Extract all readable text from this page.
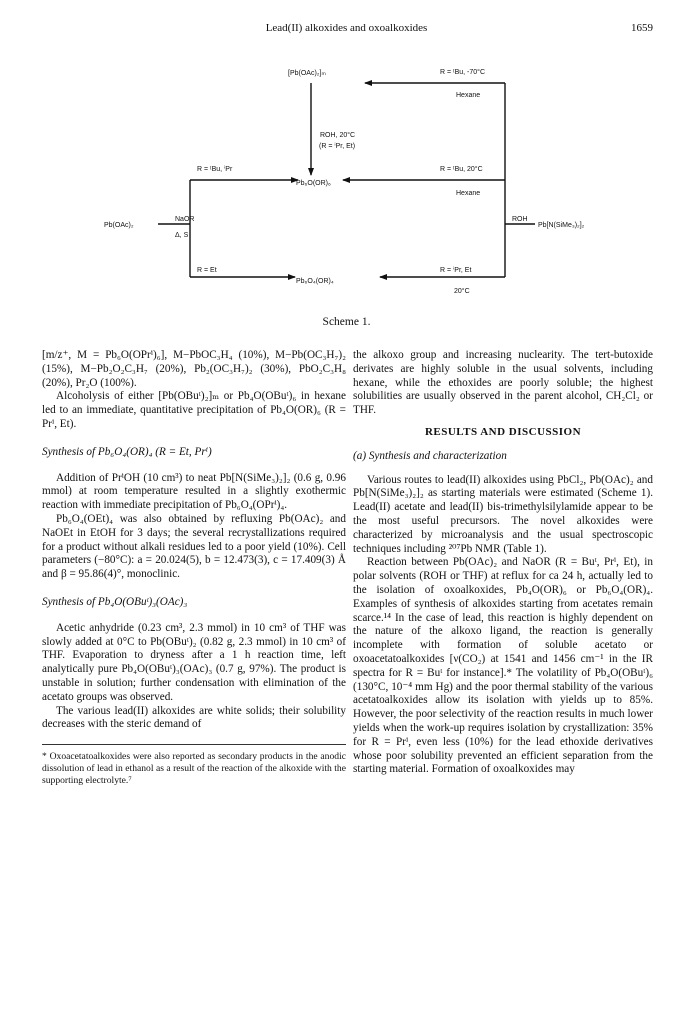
Lead(II) alkoxides and oxoalkoxides	1659
[Pb(OAc)₂]ₘ	R = ᵗBu, -70°C
Hexane
ROH, 20°C
(R = ⁱPr, Et)
R = ᵗBu, ⁱPr	R = ᵗBu, 20°C
Pb₆O(OR)₆
Hexane
NaOR
Pb(OAc)₂
Δ, S
ROH
Pb[N(SiMe₃)₂]₂
R = Et	R = ⁱPr, Et
Pb₆O₄(OR)₄
20°C
Scheme 1.

[m/z⁺, M = Pb₆O(OPrⁱ)₆], M−PbOC₃H₄ (10%), M−Pb(OC₃H₇)₂ (15%), M−Pb₂O₂C₃H₇ (20%), Pb₂(OC₃H₇)₂ (30%), PbO₂C₃H₈ (20%), Pr₂O (100%).

Alcoholysis of either [Pb(OBuᵗ)₂]ₘ or Pb₄O(OBuᵗ)₆ in hexane led to an immediate, quantitative precipitation of Pb₄O(OR)₆ (R = Prⁱ, Et).

Synthesis of Pb₆O₄(OR)₄ (R = Et, Prⁱ)

Addition of PrⁱOH (10 cm³) to neat Pb[N(SiMe₃)₂]₂ (0.6 g, 0.96 mmol) at room temperature resulted in a slightly exothermic reaction with immediate precipitation of Pb₆O₄(OPrⁱ)₄.

Pb₆O₄(OEt)₄ was also obtained by refluxing Pb(OAc)₂ and NaOEt in EtOH for 3 days; the several recrystallizations required for a product without alkali residues led to a poor yield (10%). Cell parameters (−80°C): a = 20.024(5), b = 12.473(3), c = 17.409(3) Å and β = 95.86(4)°, monoclinic.

Synthesis of Pb₄O(OBuᵗ)₃(OAc)₃

Acetic anhydride (0.23 cm³, 2.3 mmol) in 10 cm³ of THF was slowly added at 0°C to Pb(OBuᵗ)₂ (0.82 g, 2.3 mmol) in 10 cm³ of THF. Evaporation to dryness after a 1 h reaction time, left analytically pure Pb₄O(OBuᵗ)₃(OAc)₃ (0.7 g, 97%). The product is unstable in solution; further condensation with elimination of the acetato groups was observed.

The various lead(II) alkoxides are white solids; their solubility decreases with the steric demand of

* Oxoacetatoalkoxides were also reported as secondary products in the anodic dissolution of lead in ethanol as a result of the reaction of the alkoxide with the supporting electrolyte.⁷

the alkoxo group and increasing nuclearity. The tert-butoxide derivates are highly soluble in the usual solvents, including hexane, while the ethoxides are poorly soluble; the highest solubilities are usually observed in the parent alcohol, CH₂Cl₂ or THF.

RESULTS AND DISCUSSION

(a) Synthesis and characterization

Various routes to lead(II) alkoxides using PbCl₂, Pb(OAc)₂ and Pb[N(SiMe₃)₂]₂ as starting materials were estimated (Scheme 1). Lead(II) acetate and lead(II) bis-trimethylsilylamide appear to be the most useful precursors. The novel alkoxides were characterized by microanalysis and the usual spectroscopic techniques including ²⁰⁷Pb NMR (Table 1).

Reaction between Pb(OAc)₂ and NaOR (R = Buᵗ, Prⁱ, Et), in polar solvents (ROH or THF) at reflux for ca 24 h, actually led to the isolation of oxoalkoxides, Pb₄O(OR)₆ or Pb₆O₄(OR)₄. Examples of synthesis of alkoxides starting from acetates remain scarce.¹⁴ In the case of lead, this reaction is highly dependent on the nature of the alkoxo ligand, the reaction is generally incomplete with formation of soluble acetato or oxoacetatoalkoxides [ν(CO₂) at 1541 and 1456 cm⁻¹ in the IR spectra for R = Buᵗ for instance].* The volatility of Pb₄O(OBuᵗ)₆ (130°C, 10⁻⁴ mm Hg) and the poor thermal stability of the various acetatoalkoxides allow its isolation with yields up to 85%. However, the poor selectivity of the reaction results in much lower yields when the work-up requires isolation by crystallization: 35% for R = Prⁱ, even less (10%) for the lead ethoxide derivatives whose poor solubility prevented an efficient separation from the starting material. Formation of oxoalkoxides may
